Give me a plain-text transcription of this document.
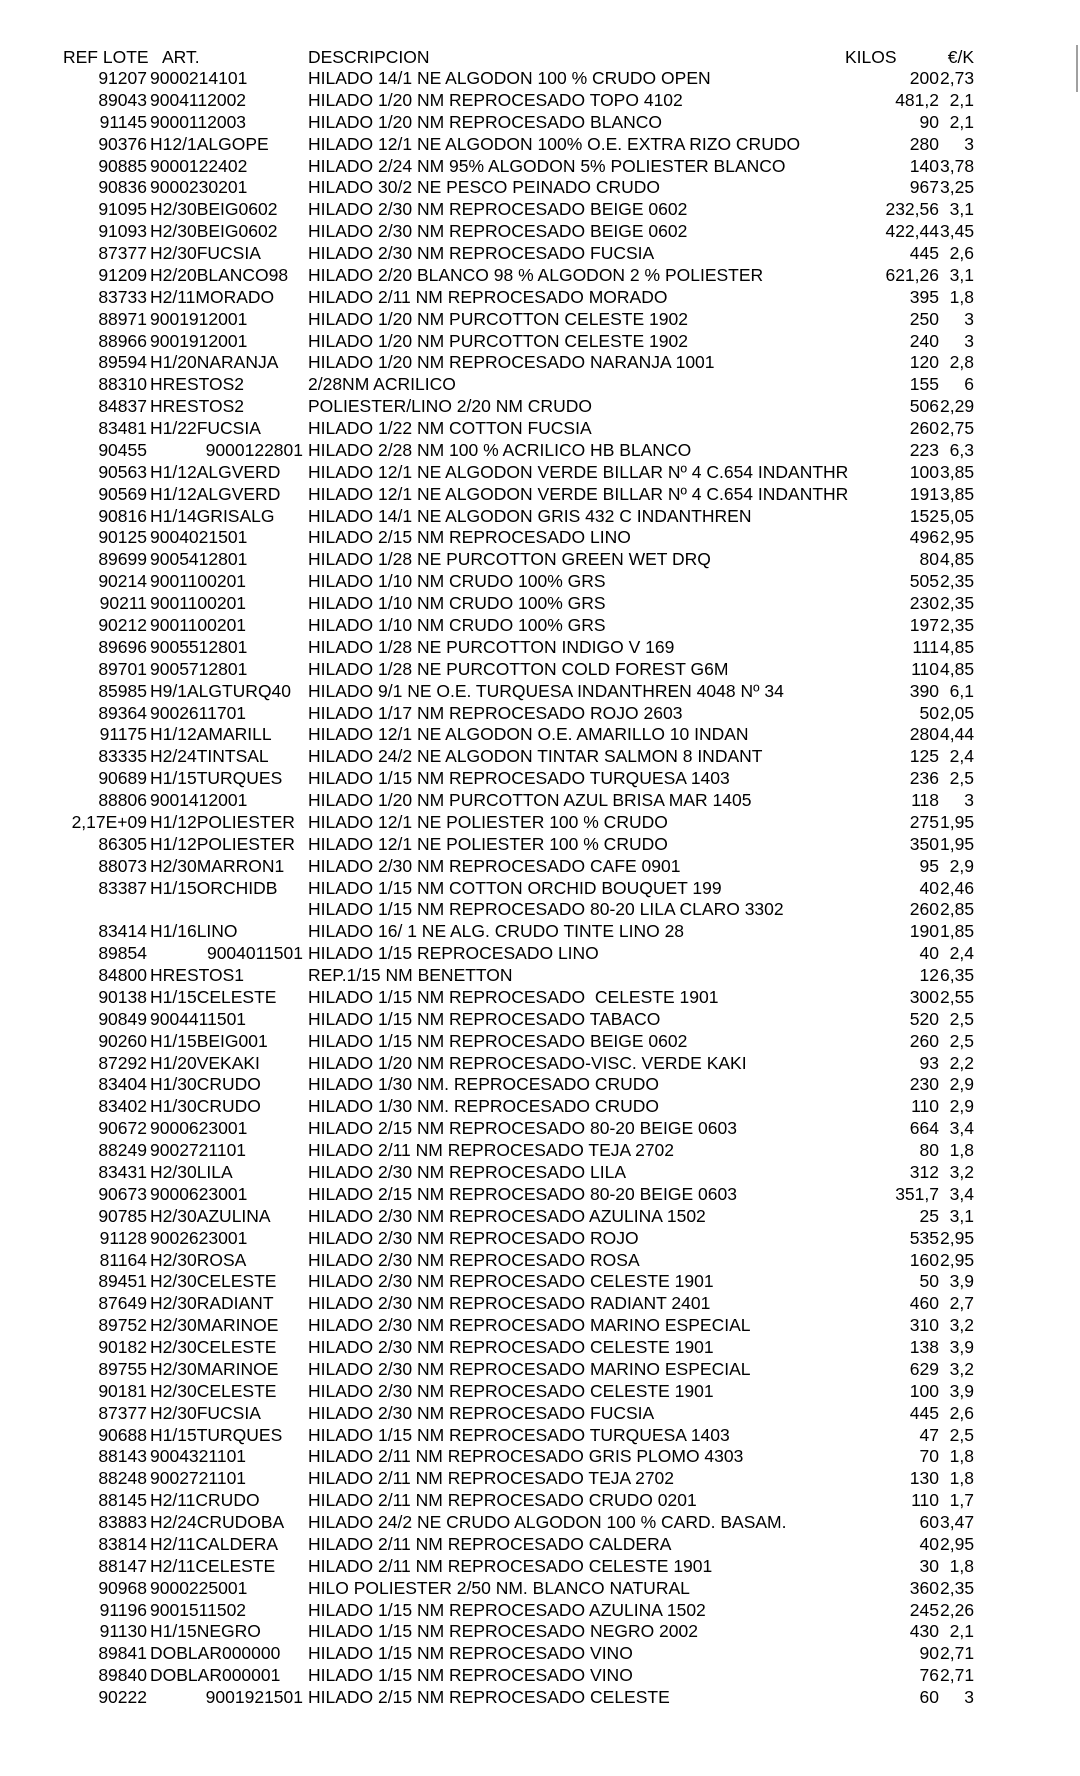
REF LOTE ART.	DESCRIPCION	KILOS	€/K
91207 9000214101	HILADO 14/1 NE ALGODON 100 % CRUDO OPEN	200 2,73
89043 9004112002	HILADO 1/20 NM REPROCESADO TOPO 4102	481,2 2,1
91145 9000112003	HILADO 1/20 NM REPROCESADO BLANCO	90 2,1
90376 H12/1ALGOPE	HILADO 12/1 NE ALGODON 100% O.E. EXTRA RIZO CRUDO	280	3
90885 9000122402	HILADO 2/24 NM 95% ALGODON 5% POLIESTER BLANCO	140 3,78
90836 9000230201	HILADO 30/2 NE PESCO PEINADO CRUDO	967 3,25
91095 H2/30BEIG0602	HILADO 2/30 NM REPROCESADO BEIGE 0602	232,56 3,1
91093 H2/30BEIG0602	HILADO 2/30 NM REPROCESADO BEIGE 0602	422,44 3,45
87377 H2/30FUCSIA	HILADO 2/30 NM REPROCESADO FUCSIA	445 2,6
91209 H2/20BLANCO98	HILADO 2/20 BLANCO 98 % ALGODON 2 % POLIESTER	621,26 3,1
83733 H2/11MORADO	HILADO 2/11 NM REPROCESADO MORADO	395 1,8
88971 9001912001	HILADO 1/20 NM PURCOTTON CELESTE 1902	250	3
88966 9001912001	HILADO 1/20 NM PURCOTTON CELESTE 1902	240	3
89594 H1/20NARANJA	HILADO 1/20 NM REPROCESADO NARANJA 1001	120 2,8
88310 HRESTOS2	2/28NM ACRILICO	155	6
84837 HRESTOS2	POLIESTER/LINO 2/20 NM CRUDO	506 2,29
83481 H1/22FUCSIA	HILADO 1/22 NM COTTON FUCSIA	260 2,75
90455	9000122801 HILADO 2/28 NM 100 % ACRILICO HB BLANCO	223 6,3
90563 H1/12ALGVERD	HILADO 12/1 NE ALGODON VERDE BILLAR Nº 4 C.654 INDANTHR	100 3,85
90569 H1/12ALGVERD	HILADO 12/1 NE ALGODON VERDE BILLAR Nº 4 C.654 INDANTHR	191 3,85
90816 H1/14GRISALG	HILADO 14/1 NE ALGODON GRIS 432 C INDANTHREN	152 5,05
90125 9004021501	HILADO 2/15 NM REPROCESADO LINO	496 2,95
89699 9005412801	HILADO 1/28 NE PURCOTTON GREEN WET DRQ	80 4,85
90214 9001100201	HILADO 1/10 NM CRUDO 100% GRS	505 2,35
90211 9001100201	HILADO 1/10 NM CRUDO 100% GRS	230 2,35
90212 9001100201	HILADO 1/10 NM CRUDO 100% GRS	197 2,35
89696 9005512801	HILADO 1/28 NE PURCOTTON INDIGO V 169	111 4,85
89701 9005712801	HILADO 1/28 NE PURCOTTON COLD FOREST G6M	110 4,85
85985 H9/1ALGTURQ40 HILADO 9/1 NE O.E. TURQUESA INDANTHREN 4048 Nº 34	390 6,1
89364 9002611701	HILADO 1/17 NM REPROCESADO ROJO 2603	50 2,05
91175 H1/12AMARILL	HILADO 12/1 NE ALGODON O.E. AMARILLO 10 INDAN	280 4,44
83335 H2/24TINTSAL	HILADO 24/2 NE ALGODON TINTAR SALMON 8 INDANT	125 2,4
90689 H1/15TURQUES	HILADO 1/15 NM REPROCESADO TURQUESA 1403	236 2,5
88806 9001412001	HILADO 1/20 NM PURCOTTON AZUL BRISA MAR 1405	118	3
2,17E+09 H1/12POLIESTER HILADO 12/1 NE POLIESTER 100 % CRUDO	275 1,95
86305 H1/12POLIESTER HILADO 12/1 NE POLIESTER 100 % CRUDO	350 1,95
88073 H2/30MARRON1	HILADO 2/30 NM REPROCESADO CAFE 0901	95 2,9
83387 H1/15ORCHIDB	HILADO 1/15 NM COTTON ORCHID BOUQUET 199	40 2,46
HILADO 1/15 NM REPROCESADO 80-20 LILA CLARO 3302	260 2,85
83414 H1/16LINO	HILADO 16/ 1 NE ALG. CRUDO TINTE LINO 28	190 1,85
89854	9004011501 HILADO 1/15 REPROCESADO LINO	40 2,4
84800 HRESTOS1	REP.1/15 NM BENETTON	12 6,35
90138 H1/15CELESTE	HILADO 1/15 NM REPROCESADO  CELESTE 1901	300 2,55
90849 9004411501	HILADO 1/15 NM REPROCESADO TABACO	520 2,5
90260 H1/15BEIG001	HILADO 1/15 NM REPROCESADO BEIGE 0602	260 2,5
87292 H1/20VEKAKI	HILADO 1/20 NM REPROCESADO-VISC. VERDE KAKI	93 2,2
83404 H1/30CRUDO	HILADO 1/30 NM. REPROCESADO CRUDO	230 2,9
83402 H1/30CRUDO	HILADO 1/30 NM. REPROCESADO CRUDO	110 2,9
90672 9000623001	HILADO 2/15 NM REPROCESADO 80-20 BEIGE 0603	664 3,4
88249 9002721101	HILADO 2/11 NM REPROCESADO TEJA 2702	80 1,8
83431 H2/30LILA	HILADO 2/30 NM REPROCESADO LILA	312 3,2
90673 9000623001	HILADO 2/15 NM REPROCESADO 80-20 BEIGE 0603	351,7 3,4
90785 H2/30AZULINA	HILADO 2/30 NM REPROCESADO AZULINA 1502	25 3,1
91128 9002623001	HILADO 2/30 NM REPROCESADO ROJO	535 2,95
81164 H2/30ROSA	HILADO 2/30 NM REPROCESADO ROSA	160 2,95
89451 H2/30CELESTE	HILADO 2/30 NM REPROCESADO CELESTE 1901	50 3,9
87649 H2/30RADIANT	HILADO 2/30 NM REPROCESADO RADIANT 2401	460 2,7
89752 H2/30MARINOE	HILADO 2/30 NM REPROCESADO MARINO ESPECIAL	310 3,2
90182 H2/30CELESTE	HILADO 2/30 NM REPROCESADO CELESTE 1901	138 3,9
89755 H2/30MARINOE	HILADO 2/30 NM REPROCESADO MARINO ESPECIAL	629 3,2
90181 H2/30CELESTE	HILADO 2/30 NM REPROCESADO CELESTE 1901	100 3,9
87377 H2/30FUCSIA	HILADO 2/30 NM REPROCESADO FUCSIA	445 2,6
90688 H1/15TURQUES	HILADO 1/15 NM REPROCESADO TURQUESA 1403	47 2,5
88143 9004321101	HILADO 2/11 NM REPROCESADO GRIS PLOMO 4303	70 1,8
88248 9002721101	HILADO 2/11 NM REPROCESADO TEJA 2702	130 1,8
88145 H2/11CRUDO	HILADO 2/11 NM REPROCESADO CRUDO 0201	110 1,7
83883 H2/24CRUDOBA	HILADO 24/2 NE CRUDO ALGODON 100 % CARD. BASAM.	60 3,47
83814 H2/11CALDERA	HILADO 2/11 NM REPROCESADO CALDERA	40 2,95
88147 H2/11CELESTE	HILADO 2/11 NM REPROCESADO CELESTE 1901	30 1,8
90968 9000225001	HILO POLIESTER 2/50 NM. BLANCO NATURAL	360 2,35
91196 9001511502	HILADO 1/15 NM REPROCESADO AZULINA 1502	245 2,26
91130 H1/15NEGRO	HILADO 1/15 NM REPROCESADO NEGRO 2002	430 2,1
89841 DOBLAR000000	HILADO 1/15 NM REPROCESADO VINO	90 2,71
89840 DOBLAR000001	HILADO 1/15 NM REPROCESADO VINO	76 2,71
90222	9001921501 HILADO 2/15 NM REPROCESADO CELESTE	60	3
